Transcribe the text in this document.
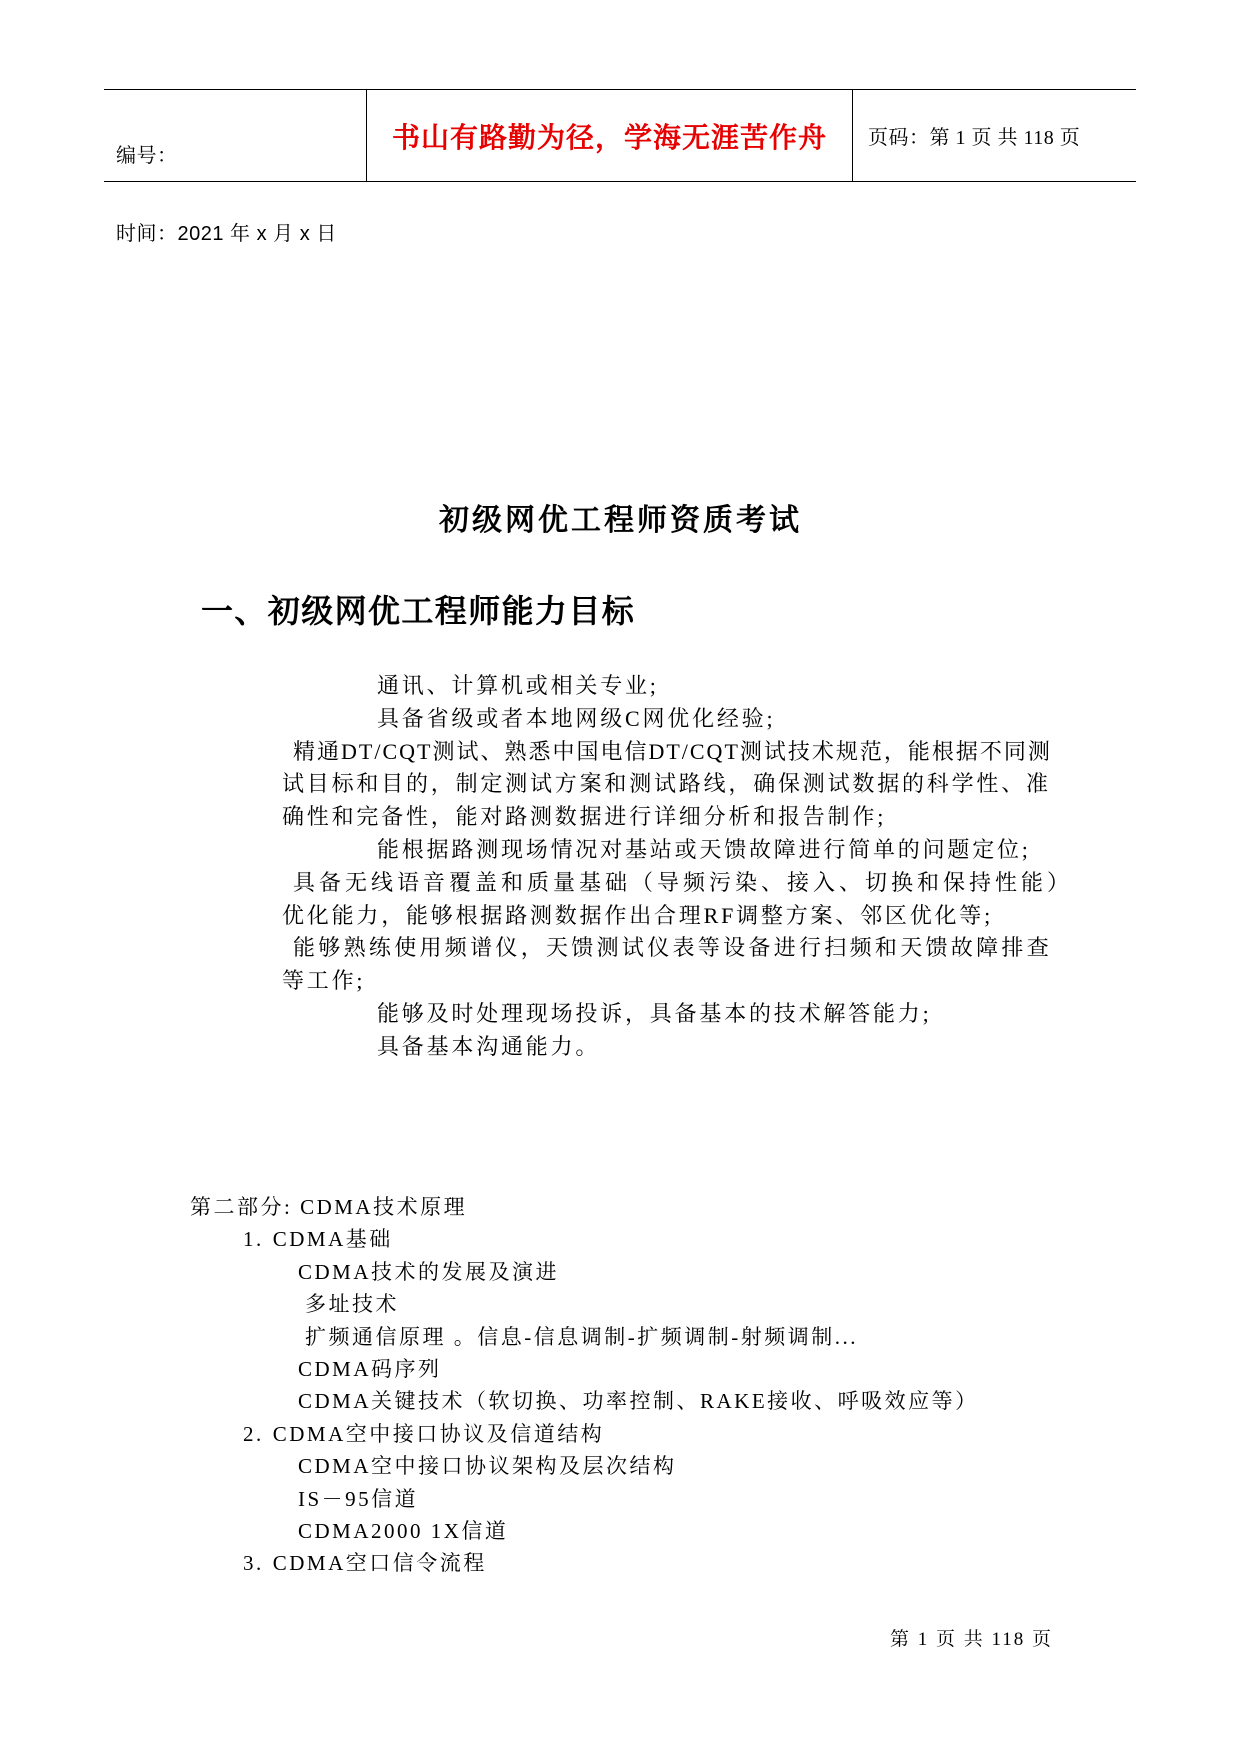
编号：

时间：2021 年 x 月 x 日

书山有路勤为径，学海无涯苦作舟 页码：第 1 页 共 118 页
初级网优工程师资质考试
一、初级网优工程师能力目标
通讯、计算机或相关专业;
具备省级或者本地网级C网优化经验;
精通DT/CQT测试、熟悉中国电信DT/CQT测试技术规范，能根据不同测
试目标和目的，制定测试方案和测试路线，确保测试数据的科学性、准
确性和完备性，能对路测数据进行详细分析和报告制作;
能根据路测现场情况对基站或天馈故障进行简单的问题定位;
具备无线语音覆盖和质量基础（导频污染、接入、切换和保持性能）
优化能力，能够根据路测数据作出合理RF调整方案、邻区优化等;
能够熟练使用频谱仪，天馈测试仪表等设备进行扫频和天馈故障排查
等工作;
能够及时处理现场投诉，具备基本的技术解答能力;
具备基本沟通能力。
第二部分: CDMA技术原理
1. CDMA基础
CDMA技术的发展及演进
多址技术
扩频通信原理 。信息-信息调制-扩频调制-射频调制...
CDMA码序列
CDMA关键技术（软切换、功率控制、RAKE接收、呼吸效应等）
2. CDMA空中接口协议及信道结构
CDMA空中接口协议架构及层次结构
IS－95信道
CDMA2000 1X信道
3. CDMA空口信令流程
第 1 页 共 118 页
